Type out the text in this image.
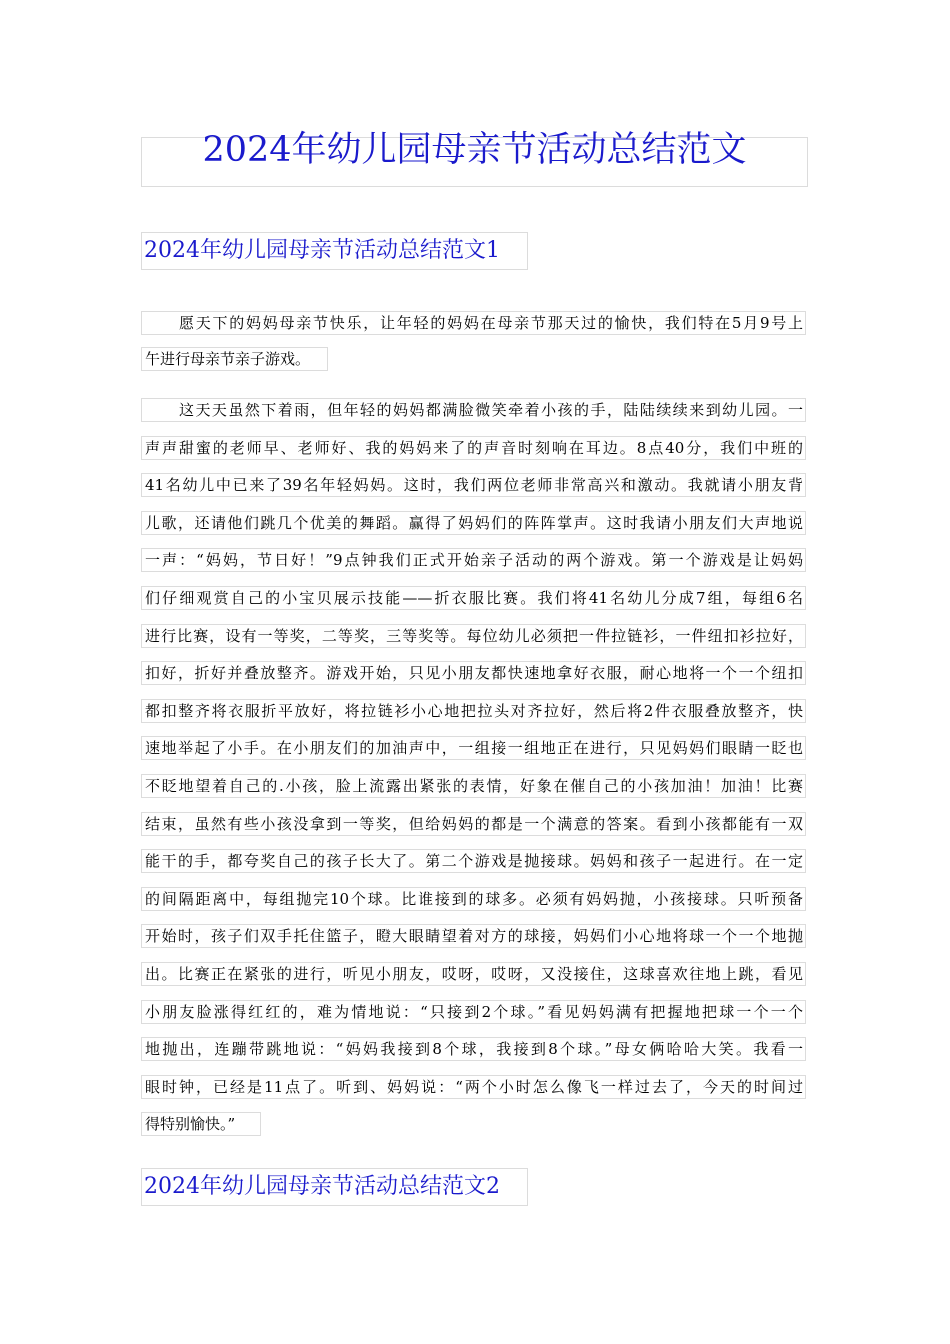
2024年幼儿园母亲节活动总结范文
2024年幼儿园母亲节活动总结范文1
愿天下的妈妈母亲节快乐，让年轻的妈妈在母亲节那天过的愉快，我们特在5月9号上
午进行母亲节亲子游戏。
这天天虽然下着雨，但年轻的妈妈都满脸微笑牵着小孩的手，陆陆续续来到幼儿园。一
声声甜蜜的老师早、老师好、我的妈妈来了的声音时刻响在耳边。8点40分，我们中班的
41名幼儿中已来了39名年轻妈妈。这时，我们两位老师非常高兴和激动。我就请小朋友背
儿歌，还请他们跳几个优美的舞蹈。赢得了妈妈们的阵阵掌声。这时我请小朋友们大声地说
一声：“妈妈，节日好！”9点钟我们正式开始亲子活动的两个游戏。第一个游戏是让妈妈
们仔细观赏自己的小宝贝展示技能——折衣服比赛。我们将41名幼儿分成7组，每组6名
进行比赛，设有一等奖，二等奖，三等奖等。每位幼儿必须把一件拉链衫，一件纽扣衫拉好，
扣好，折好并叠放整齐。游戏开始，只见小朋友都快速地拿好衣服，耐心地将一个一个纽扣
都扣整齐将衣服折平放好，将拉链衫小心地把拉头对齐拉好，然后将2件衣服叠放整齐，快
速地举起了小手。在小朋友们的加油声中，一组接一组地正在进行，只见妈妈们眼睛一眨也
不眨地望着自己的.小孩，脸上流露出紧张的表情，好象在催自己的小孩加油！加油！比赛
结束，虽然有些小孩没拿到一等奖，但给妈妈的都是一个满意的答案。看到小孩都能有一双
能干的手，都夸奖自己的孩子长大了。第二个游戏是抛接球。妈妈和孩子一起进行。在一定
的间隔距离中，每组抛完10个球。比谁接到的球多。必须有妈妈抛，小孩接球。只听预备
开始时，孩子们双手托住篮子，瞪大眼睛望着对方的球接，妈妈们小心地将球一个一个地抛
出。比赛正在紧张的进行，听见小朋友，哎呀，哎呀，又没接住，这球喜欢往地上跳，看见
小朋友脸涨得红红的，难为情地说：“只接到2个球。”看见妈妈满有把握地把球一个一个
地抛出，连蹦带跳地说：“妈妈我接到8个球，我接到8个球。”母女俩哈哈大笑。我看一
眼时钟，已经是11点了。听到、妈妈说：“两个小时怎么像飞一样过去了，今天的时间过
得特别愉快。”
2024年幼儿园母亲节活动总结范文2
